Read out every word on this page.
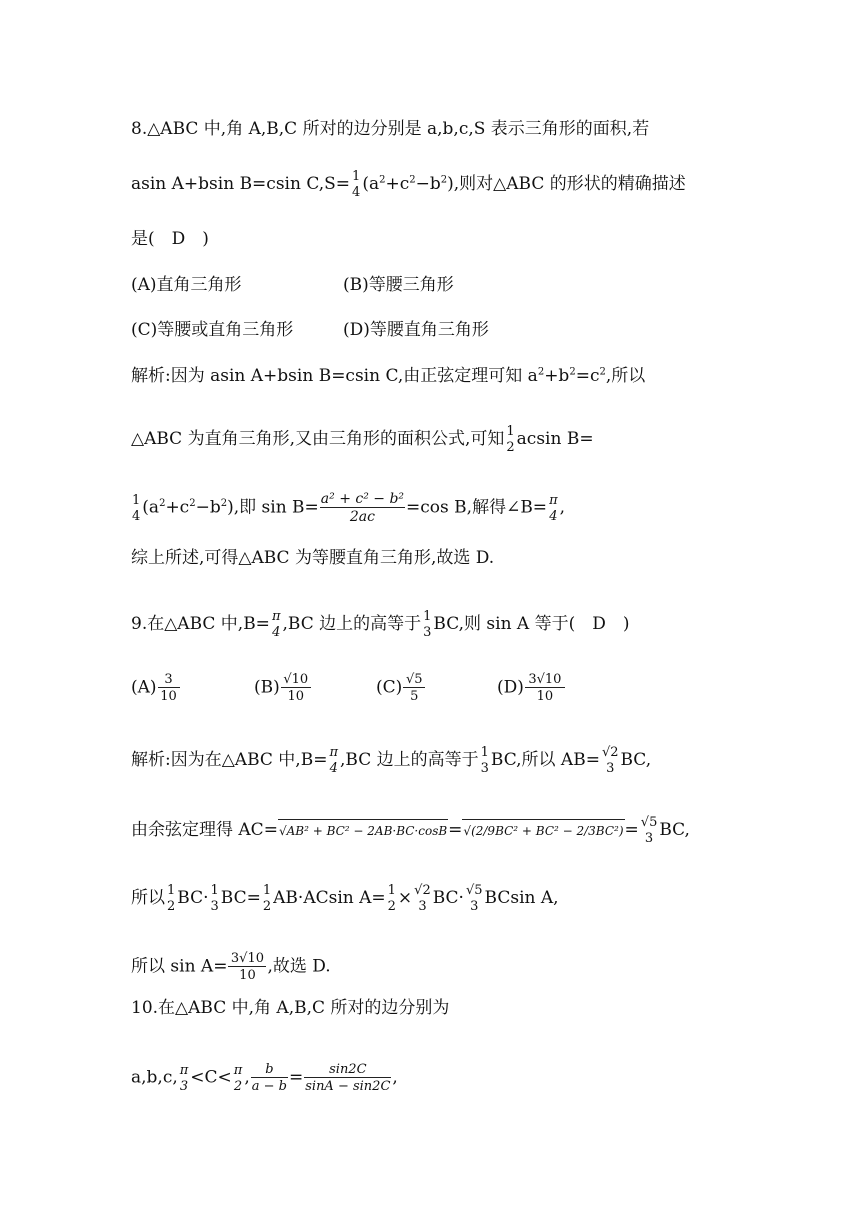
8.△ABC 中,角 A,B,C 所对的边分别是 a,b,c,S 表示三角形的面积,若
asin A+bsin B=csin C,S= 1
4 $(a^2+c^2-b^2)$,则对△ABC 的形状的精确描述
是(　D　)
(A)直角三角形	(B)等腰三角形
(C)等腰或直角三角形	(D)等腰直角三角形
解析:因为 asin A+bsin B=csin C,由正弦定理可知 $a^2+b^2=c^2$,所以
△ABC 为直角三角形,又由三角形的面积公式,可知 1
2 acsin B=
1
4 $(a^2+c^2-b^2)$,即 $\sin B= \frac{\text{a² + c² − b²}}{2ac} =\cos$ B,解得∠B= π
4 ,
综上所述,可得△ABC 为等腰直角三角形,故选 D.
9.在△ABC 中,B= π
4 ,BC 边上的高等于 1
3 BC,则 sin A 等于(　D　)
$(A) \frac{3}{10}$	$(B) \frac{√10}{10}$	$(C) \frac{√5}{5}$	$(D) \frac{3√10}{10}$
解析:因为在△ABC 中,B= π
4 ,BC 边上的高等于 1
3 BC,所以 AB= √2
3 BC,
由余弦定理得 AC=√AB² + BC² − 2AB·BC·cosB=√(2/9BC² + BC² − 2/3BC²)= √5
3 BC,
所以 1
2 BC· 1
3 BC= 1
2 AB·ACsin A= 1
2 × √2
3 BC· √5
3 BCsin A,
所以 $\sin A= \frac{3√10}{10}$ ,故选 D.
10.在△ABC 中,角 A,B,C 所对的边分别为
a,b,c, π
3 <C< π
2 , $\frac{b}{a - b} = \frac{\sin 2C}{\sin A - \sin 2C}$ ,
